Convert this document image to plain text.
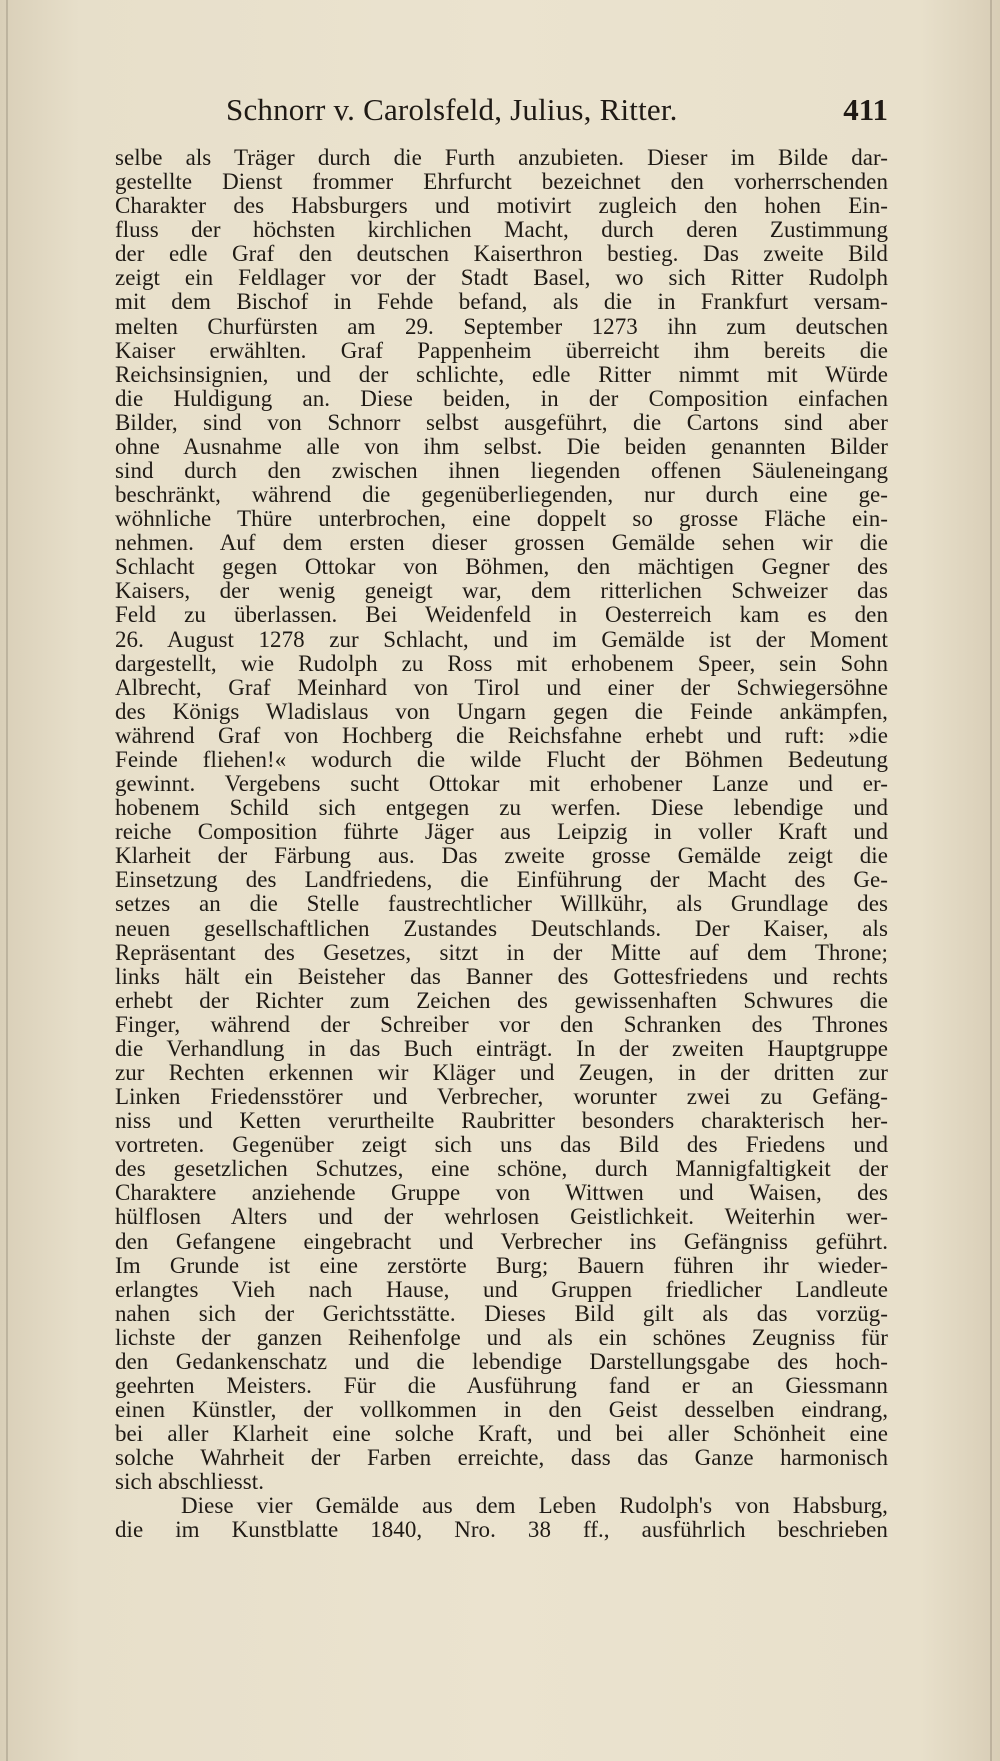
Schnorr v. Carolsfeld, Julius, Ritter.	411
selbe als Träger durch die Furth anzubieten. Dieser im Bilde dar-
gestellte Dienst frommer Ehrfurcht bezeichnet den vorherrschenden
Charakter des Habsburgers und motivirt zugleich den hohen Ein-
fluss der höchsten kirchlichen Macht, durch deren Zustimmung
der edle Graf den deutschen Kaiserthron bestieg. Das zweite Bild
zeigt ein Feldlager vor der Stadt Basel, wo sich Ritter Rudolph
mit dem Bischof in Fehde befand, als die in Frankfurt versam-
melten Churfürsten am 29. September 1273 ihn zum deutschen
Kaiser erwählten. Graf Pappenheim überreicht ihm bereits die
Reichsinsignien, und der schlichte, edle Ritter nimmt mit Würde
die Huldigung an. Diese beiden, in der Composition einfachen
Bilder, sind von Schnorr selbst ausgeführt, die Cartons sind aber
ohne Ausnahme alle von ihm selbst. Die beiden genannten Bilder
sind durch den zwischen ihnen liegenden offenen Säuleneingang
beschränkt, während die gegenüberliegenden, nur durch eine ge-
wöhnliche Thüre unterbrochen, eine doppelt so grosse Fläche ein-
nehmen. Auf dem ersten dieser grossen Gemälde sehen wir die
Schlacht gegen Ottokar von Böhmen, den mächtigen Gegner des
Kaisers, der wenig geneigt war, dem ritterlichen Schweizer das
Feld zu überlassen. Bei Weidenfeld in Oesterreich kam es den
26. August 1278 zur Schlacht, und im Gemälde ist der Moment
dargestellt, wie Rudolph zu Ross mit erhobenem Speer, sein Sohn
Albrecht, Graf Meinhard von Tirol und einer der Schwiegersöhne
des Königs Wladislaus von Ungarn gegen die Feinde ankämpfen,
während Graf von Hochberg die Reichsfahne erhebt und ruft: »die
Feinde fliehen!« wodurch die wilde Flucht der Böhmen Bedeutung
gewinnt. Vergebens sucht Ottokar mit erhobener Lanze und er-
hobenem Schild sich entgegen zu werfen. Diese lebendige und
reiche Composition führte Jäger aus Leipzig in voller Kraft und
Klarheit der Färbung aus. Das zweite grosse Gemälde zeigt die
Einsetzung des Landfriedens, die Einführung der Macht des Ge-
setzes an die Stelle faustrechtlicher Willkühr, als Grundlage des
neuen gesellschaftlichen Zustandes Deutschlands. Der Kaiser, als
Repräsentant des Gesetzes, sitzt in der Mitte auf dem Throne;
links hält ein Beisteher das Banner des Gottesfriedens und rechts
erhebt der Richter zum Zeichen des gewissenhaften Schwures die
Finger, während der Schreiber vor den Schranken des Thrones
die Verhandlung in das Buch einträgt. In der zweiten Hauptgruppe
zur Rechten erkennen wir Kläger und Zeugen, in der dritten zur
Linken Friedensstörer und Verbrecher, worunter zwei zu Gefäng-
niss und Ketten verurtheilte Raubritter besonders charakterisch her-
vortreten. Gegenüber zeigt sich uns das Bild des Friedens und
des gesetzlichen Schutzes, eine schöne, durch Mannigfaltigkeit der
Charaktere anziehende Gruppe von Wittwen und Waisen, des
hülflosen Alters und der wehrlosen Geistlichkeit. Weiterhin wer-
den Gefangene eingebracht und Verbrecher ins Gefängniss geführt.
Im Grunde ist eine zerstörte Burg; Bauern führen ihr wieder-
erlangtes Vieh nach Hause, und Gruppen friedlicher Landleute
nahen sich der Gerichtsstätte. Dieses Bild gilt als das vorzüg-
lichste der ganzen Reihenfolge und als ein schönes Zeugniss für
den Gedankenschatz und die lebendige Darstellungsgabe des hoch-
geehrten Meisters. Für die Ausführung fand er an Giessmann
einen Künstler, der vollkommen in den Geist desselben eindrang,
bei aller Klarheit eine solche Kraft, und bei aller Schönheit eine
solche Wahrheit der Farben erreichte, dass das Ganze harmonisch
sich abschliesst.
Diese vier Gemälde aus dem Leben Rudolph's von Habsburg,
die im Kunstblatte 1840, Nro. 38 ff., ausführlich beschrieben
